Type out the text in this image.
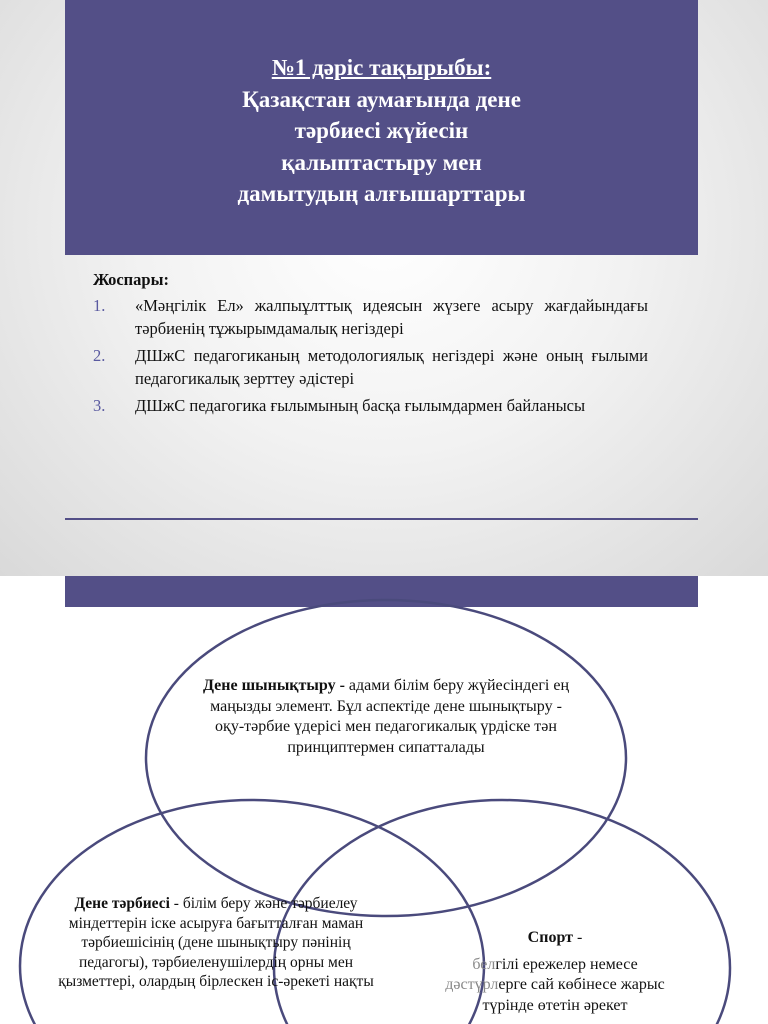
№1 дәріс тақырыбы:
Қазақстан аумағында дене
тәрбиесі жүйесін
қалыптастыру мен
дамытудың алғышарттары
Жоспары:
1. «Мәңгілік Ел» жалпыұлттық идеясын жүзеге асыру жағдайындағы тәрбиенің тұжырымдамалық негіздері
2. ДШжС педагогиканың методологиялық негіздері және оның ғылыми педагогикалық зерттеу әдістері
3. ДШжС педагогика ғылымының басқа ғылымдармен байланысы
Дене шынықтыру - адами білім беру жүйесіндегі ең маңызды элемент. Бұл аспектіде дене шынықтыру - оқу-тәрбие үдерісі мен педагогикалық үрдіске тән принциптермен сипатталады
Дене тәрбиесі - білім беру және тәрбиелеу міндеттерін іске асыруға бағытталған маман тәрбиешісінің (дене шынықтыру пәнінің педагогы), тәрбиеленушілердің орны мен қызметтері, олардың бірлескен іс-әрекеті нақты
Спорт -
белгілі ережелер немесе
дәстүрлерге сай көбінесе жарыс
түрінде өтетін әрекет
